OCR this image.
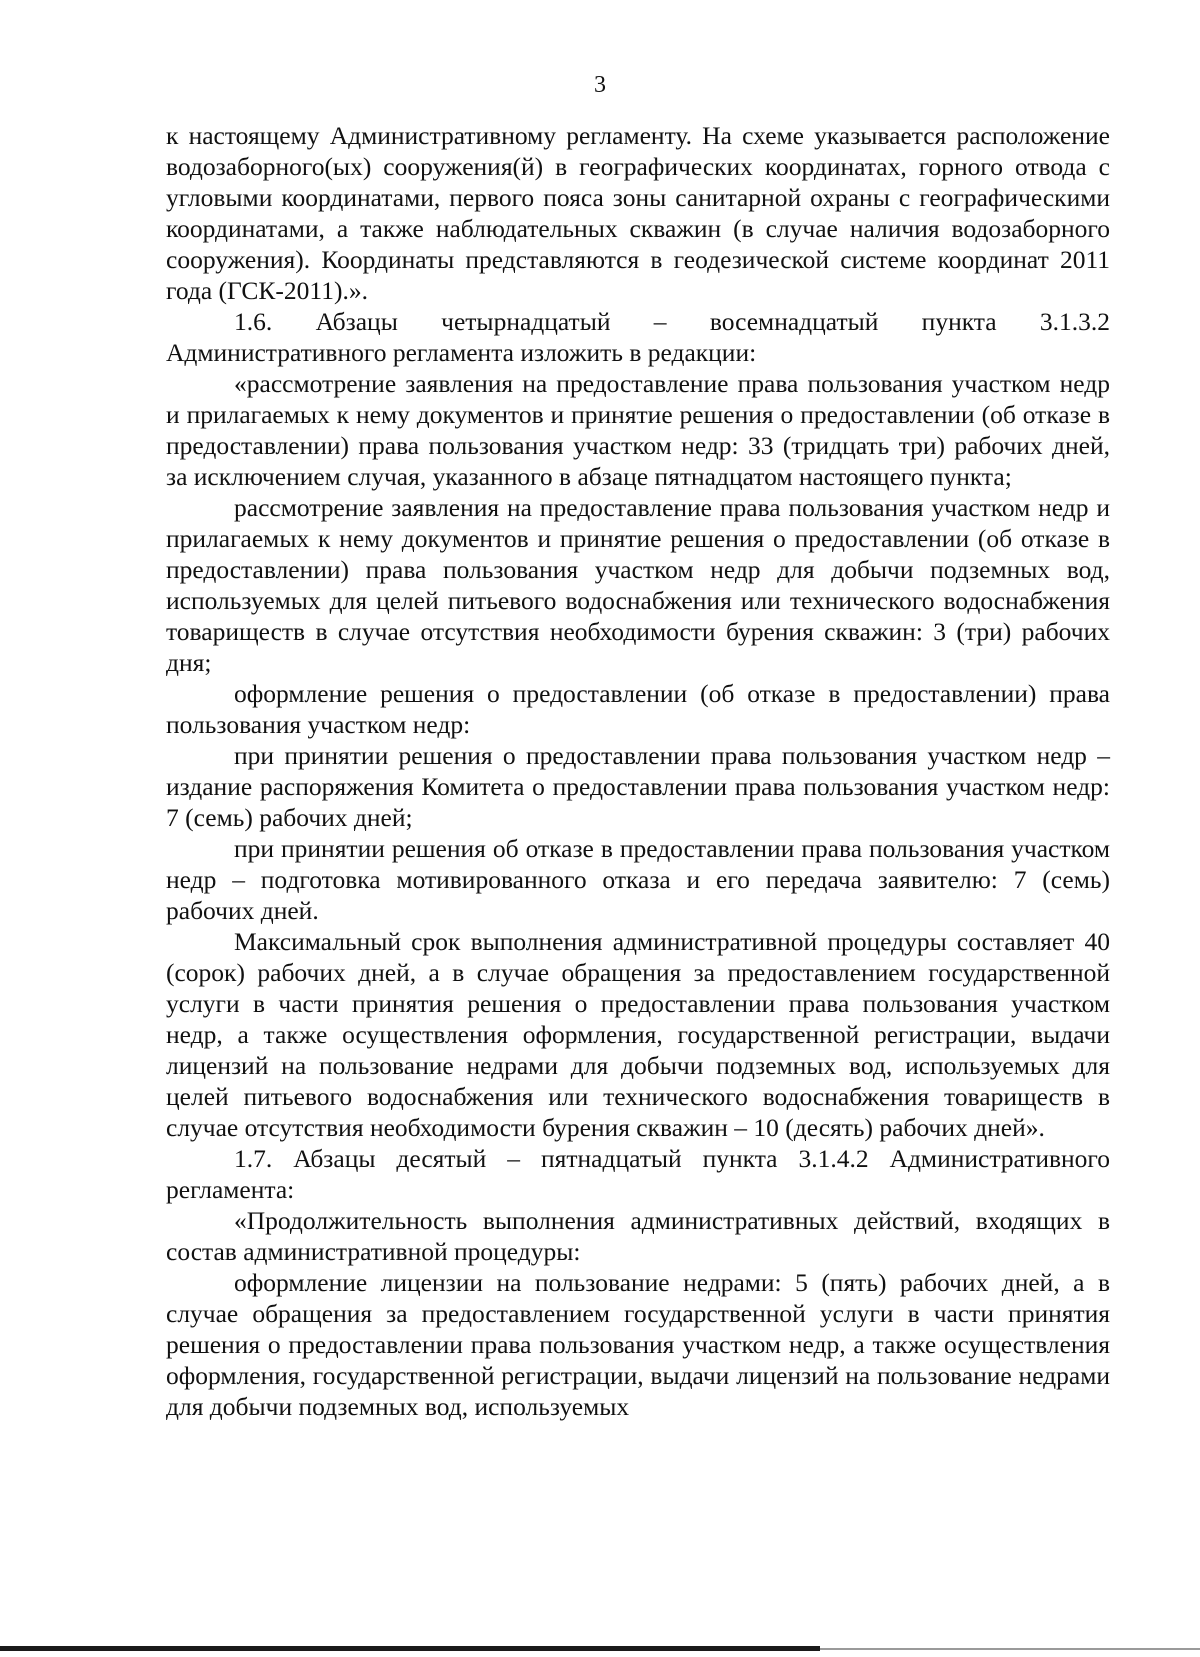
3

к настоящему Административному регламенту. На схеме указывается расположение водозаборного(ых) сооружения(й) в географических координатах, горного отвода с угловыми координатами, первого пояса зоны санитарной охраны с географическими координатами, а также наблюдательных скважин (в случае наличия водозаборного сооружения). Координаты представляются в геодезической системе координат 2011 года (ГСК-2011).».

1.6. Абзацы четырнадцатый – восемнадцатый пункта 3.1.3.2 Административного регламента изложить в редакции:

«рассмотрение заявления на предоставление права пользования участком недр и прилагаемых к нему документов и принятие решения о предоставлении (об отказе в предоставлении) права пользования участком недр: 33 (тридцать три) рабочих дней, за исключением случая, указанного в абзаце пятнадцатом настоящего пункта;

рассмотрение заявления на предоставление права пользования участком недр и прилагаемых к нему документов и принятие решения о предоставлении (об отказе в предоставлении) права пользования участком недр для добычи подземных вод, используемых для целей питьевого водоснабжения или технического водоснабжения товариществ в случае отсутствия необходимости бурения скважин: 3 (три) рабочих дня;

оформление решения о предоставлении (об отказе в предоставлении) права пользования участком недр:

при принятии решения о предоставлении права пользования участком недр – издание распоряжения Комитета о предоставлении права пользования участком недр: 7 (семь) рабочих дней;

при принятии решения об отказе в предоставлении права пользования участком недр – подготовка мотивированного отказа и его передача заявителю: 7 (семь) рабочих дней.

Максимальный срок выполнения административной процедуры составляет 40 (сорок) рабочих дней, а в случае обращения за предоставлением государственной услуги в части принятия решения о предоставлении права пользования участком недр, а также осуществления оформления, государственной регистрации, выдачи лицензий на пользование недрами для добычи подземных вод, используемых для целей питьевого водоснабжения или технического водоснабжения товариществ в случае отсутствия необходимости бурения скважин – 10 (десять) рабочих дней».

1.7. Абзацы десятый – пятнадцатый пункта 3.1.4.2 Административного регламента:

«Продолжительность выполнения административных действий, входящих в состав административной процедуры:

оформление лицензии на пользование недрами: 5 (пять) рабочих дней, а в случае обращения за предоставлением государственной услуги в части принятия решения о предоставлении права пользования участком недр, а также осуществления оформления, государственной регистрации, выдачи лицензий на пользование недрами для добычи подземных вод, используемых
